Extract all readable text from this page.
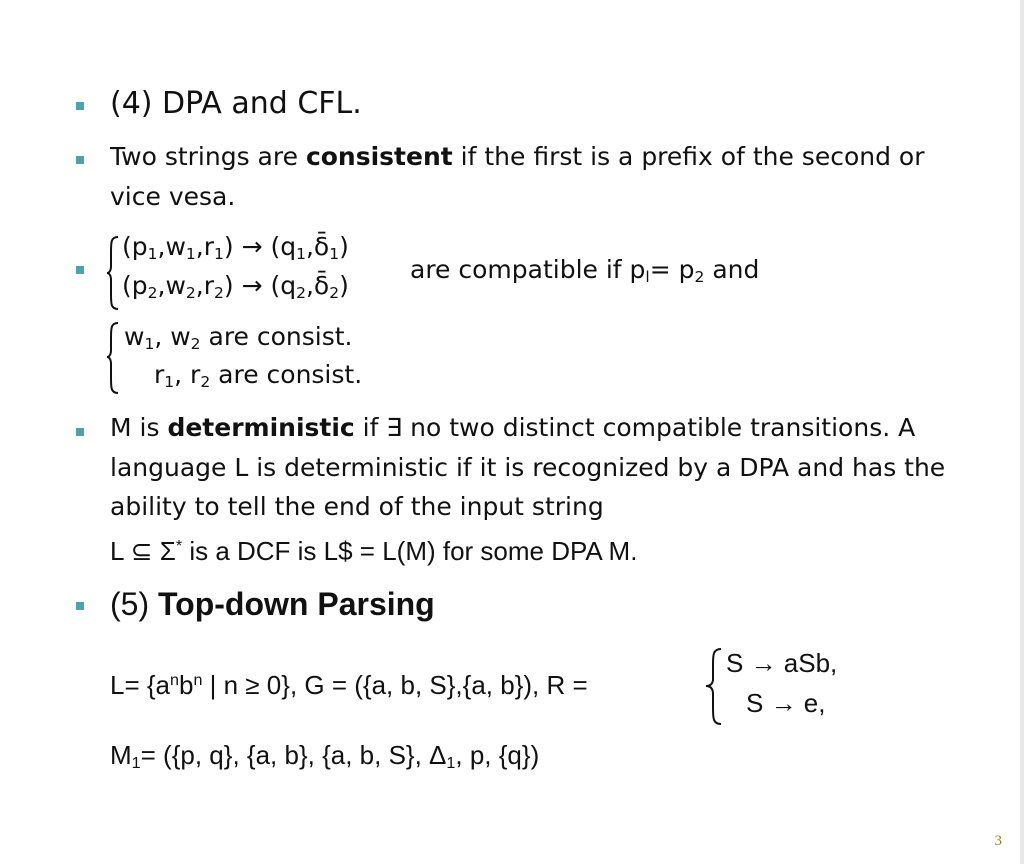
(4) DPA and CFL.
Two strings are consistent if the first is a prefix of the second or
vice vesa.
$(p_1,w_1,r_1)$ → $(q_1,\deltā_1)$
$(p_2,w_2,r_2)$ → $(q_2,\deltā_2)$
are compatible if $p_l= p_2$ and
$w_1$, $w_2$ are consist.
$r_1$, $r_2$ are consist.
M is deterministic if ∃ no two distinct compatible transitions. A
language L is deterministic if it is recognized by a DPA and has the
ability to tell the end of the input string
L ⊆ Σ* is a DCF is L$ = L(M) for some DPA M.
(5) Top-down Parsing
$L= \{a^nb^n$ | n ≥ 0}, G = ({a, b, S},{a, b}), R =
S → aSb,
S → e,
$M_1= (\{p$, q}, {a, b}, {a, b, S}, $\Delta_1$, p, {q})
3
